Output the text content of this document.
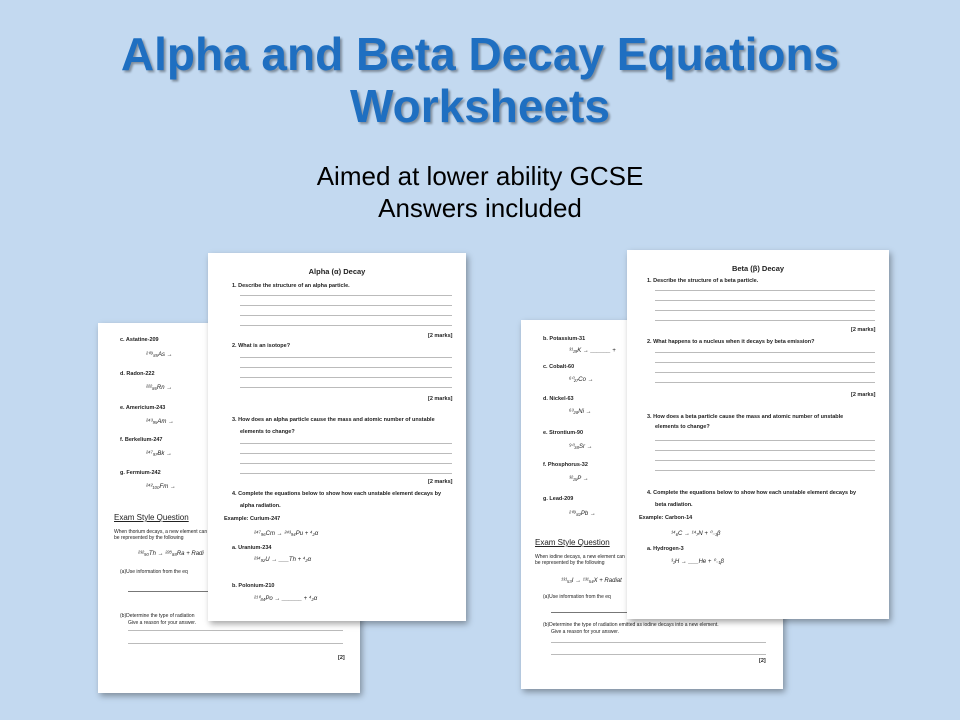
Alpha and Beta Decay Equations
Worksheets
Aimed at lower ability GCSE
Answers included
c. Astatine-209
²⁰⁹₈₅As →
d. Radon-222
²²²₈₆Rn →
e. Americium-243
²⁴³₉₅Am →
f. Berkelium-247
²⁴⁷₉₇Bk →
g. Fermium-242
²⁴²₁₀₀Fm →
Exam Style Question
When thorium decays, a new element can be represented by the following
²³²₉₀Th → ²²⁸₈₈Ra + Radi
(a)Use information from the eq
(b)Determine the type of radiation
Give a reason for your answer.
[2]
Alpha (α) Decay
1. Describe the structure of an alpha particle.
[2 marks]
2. What is an isotope?
[2 marks]
3. How does an alpha particle cause the mass and atomic number of unstable
elements to change?
[2 marks]
4. Complete the equations below to show how each unstable element decays by
alpha radiation.
Example: Curium-247
²⁴⁷₉₆Cm → ²⁴³₉₄Pu + ⁴₂α
a. Uranium-234
²³⁴₉₂U → ___Th + ⁴₂α
b. Polonium-210
²¹⁰₈₄Po → ______ + ⁴₂α
b. Potassium-31
³¹₁₉K → ______ +
c. Cobalt-60
⁶⁰₂₇Co →
d. Nickel-63
⁶³₂₈Ni →
e. Strontium-90
⁹⁰₃₈Sr →
f. Phosphorus-32
³²₁₅P →
g. Lead-209
²⁰⁹₈₂Pb →
Exam Style Question
When iodine decays, a new element can be represented by the following
¹³¹₅₃I → ¹³¹₅₄X + Radiat
(a)Use information from the eq
(b)Determine the type of radiation emitted as iodine decays into a new element.
Give a reason for your answer.
[2]
Beta (β) Decay
1. Describe the structure of a beta particle.
[2 marks]
2. What happens to a nucleus when it decays by beta emission?
[2 marks]
3. How does a beta particle cause the mass and atomic number of unstable
elements to change?
4. Complete the equations below to show how each unstable element decays by
beta radiation.
Example: Carbon-14
¹⁴₆C → ¹⁴₇N + ⁰₋₁β
a. Hydrogen-3
³₁H → ___He + ⁰₋₁β
